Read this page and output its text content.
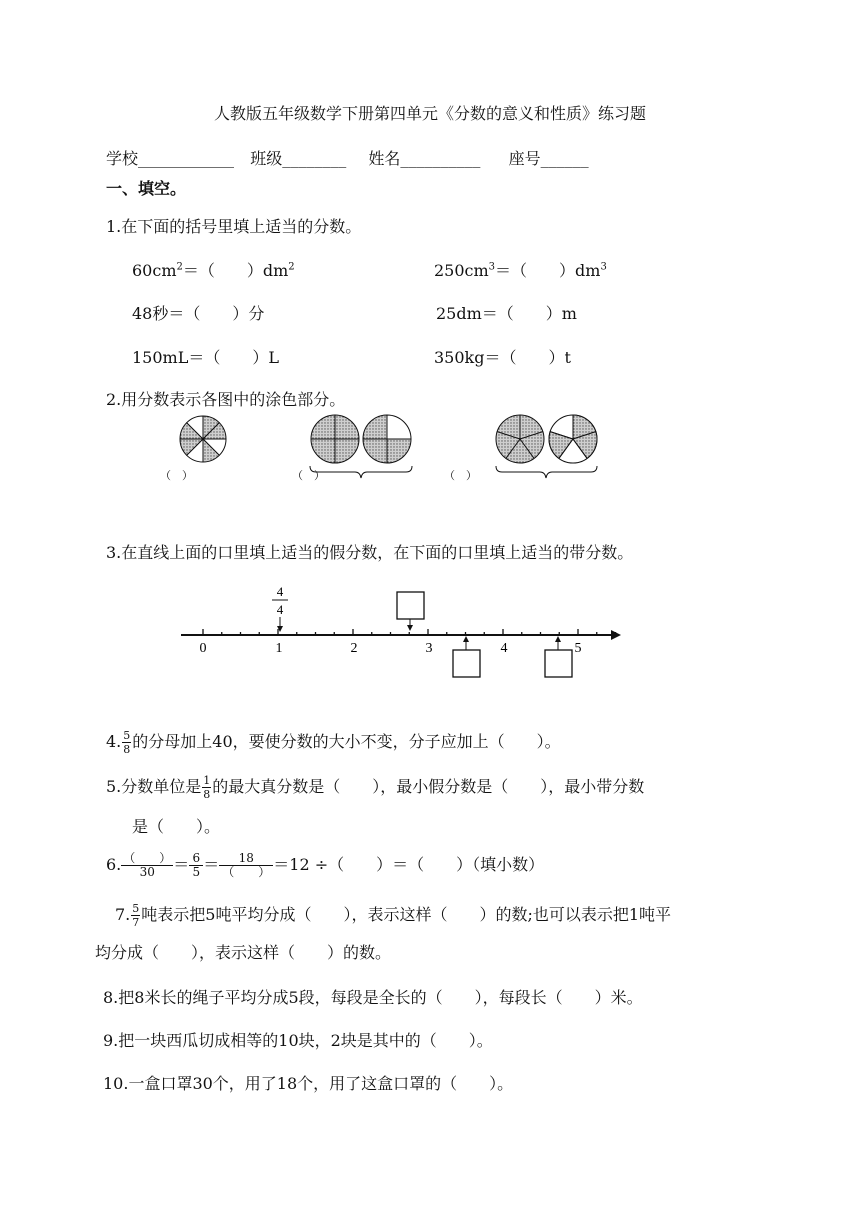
人教版五年级数学下册第四单元《分数的意义和性质》练习题
学校____________ 班级________ 姓名__________ 座号______
一、填空。
1.在下面的括号里填上适当的分数。
$60cm^2=$（　　）$dm^2$	$250cm^3=$（　　）$dm^3$
48秒＝（　　）分	25dm＝（　　）m
150mL＝（　　）L	350kg＝（　　）t
2.用分数表示各图中的涂色部分。
（　）	（　）	（　）
3.在直线上面的口里填上适当的假分数，在下面的口里填上适当的带分数。
0	1	2	3	4	5
4
4
4. $\frac{5}{8}$ 的分母加上40，要使分数的大小不变，分子应加上（　　）。
5.分数单位是 $\frac{1}{8}$ 的最大真分数是（　　），最小假分数是（　　），最小带分数
是（　　）。
6. （　　）
30	＝ $\frac{6}{5}$ ＝	18
（　　） ＝12 ÷（　　）＝（　　）（填小数）
7. $\frac{5}{7}$ 吨表示把5吨平均分成（　　），表示这样（　　）的数;也可以表示把1吨平
均分成（　　），表示这样（　　）的数。
8.把8米长的绳子平均分成5段，每段是全长的（　　），每段长（　　）米。
9.把一块西瓜切成相等的10块，2块是其中的（　　）。
10.一盒口罩30个，用了18个，用了这盒口罩的（　　）。
